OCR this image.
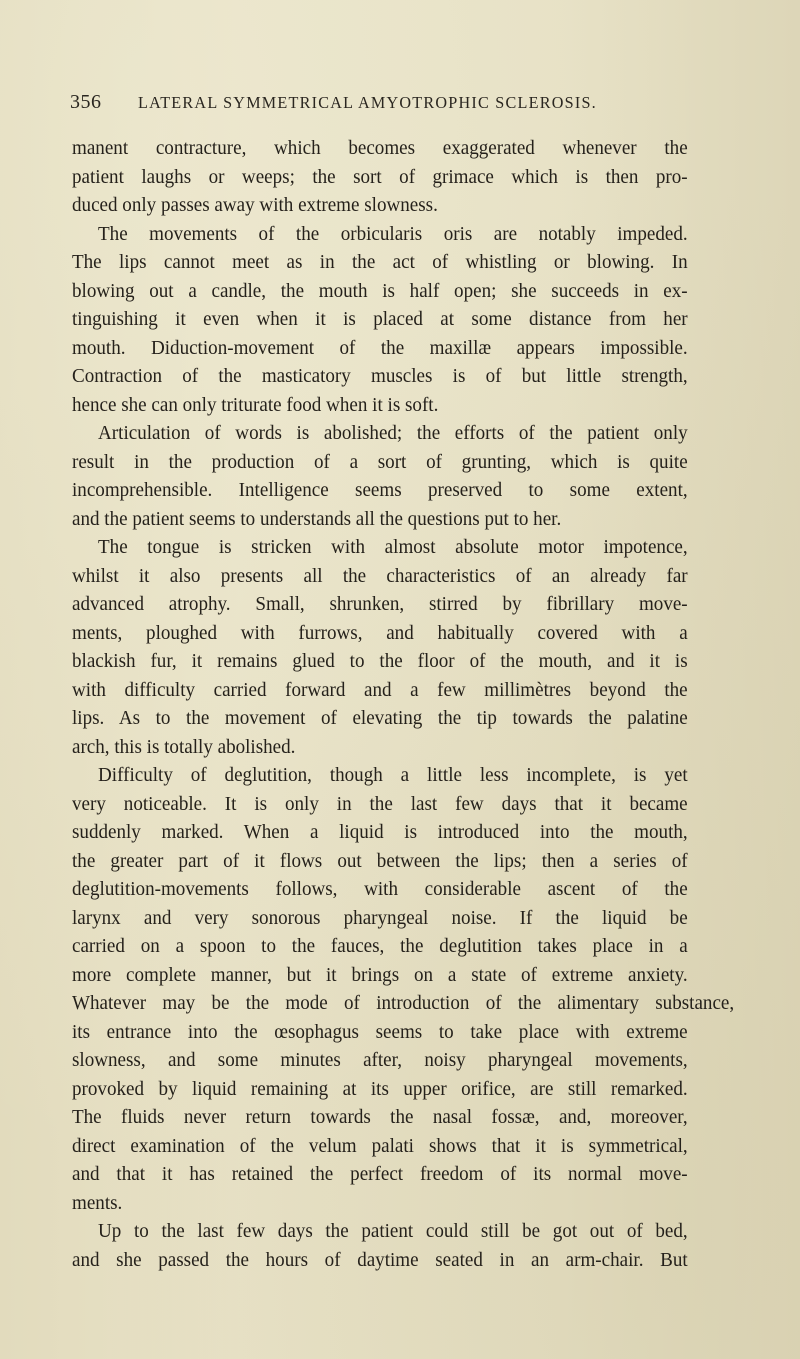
356 LATERAL SYMMETRICAL AMYOTROPHIC SCLEROSIS.
manent contracture, which becomes exaggerated whenever the
patient laughs or weeps; the sort of grimace which is then pro-
duced only passes away with extreme slowness.
The movements of the orbicularis oris are notably impeded.
The lips cannot meet as in the act of whistling or blowing. In
blowing out a candle, the mouth is half open; she succeeds in ex-
tinguishing it even when it is placed at some distance from her
mouth. Diduction-movement of the maxillæ appears impossible.
Contraction of the masticatory muscles is of but little strength,
hence she can only triturate food when it is soft.
Articulation of words is abolished; the efforts of the patient only
result in the production of a sort of grunting, which is quite
incomprehensible. Intelligence seems preserved to some extent,
and the patient seems to understands all the questions put to her.
The tongue is stricken with almost absolute motor impotence,
whilst it also presents all the characteristics of an already far
advanced atrophy. Small, shrunken, stirred by fibrillary move-
ments, ploughed with furrows, and habitually covered with a
blackish fur, it remains glued to the floor of the mouth, and it is
with difficulty carried forward and a few millimètres beyond the
lips. As to the movement of elevating the tip towards the palatine
arch, this is totally abolished.
Difficulty of deglutition, though a little less incomplete, is yet
very noticeable. It is only in the last few days that it became
suddenly marked. When a liquid is introduced into the mouth,
the greater part of it flows out between the lips; then a series of
deglutition-movements follows, with considerable ascent of the
larynx and very sonorous pharyngeal noise. If the liquid be
carried on a spoon to the fauces, the deglutition takes place in a
more complete manner, but it brings on a state of extreme anxiety.
Whatever may be the mode of introduction of the alimentary substance,
its entrance into the œsophagus seems to take place with extreme
slowness, and some minutes after, noisy pharyngeal movements,
provoked by liquid remaining at its upper orifice, are still remarked.
The fluids never return towards the nasal fossæ, and, moreover,
direct examination of the velum palati shows that it is symmetrical,
and that it has retained the perfect freedom of its normal move-
ments.
Up to the last few days the patient could still be got out of bed,
and she passed the hours of daytime seated in an arm-chair. But
